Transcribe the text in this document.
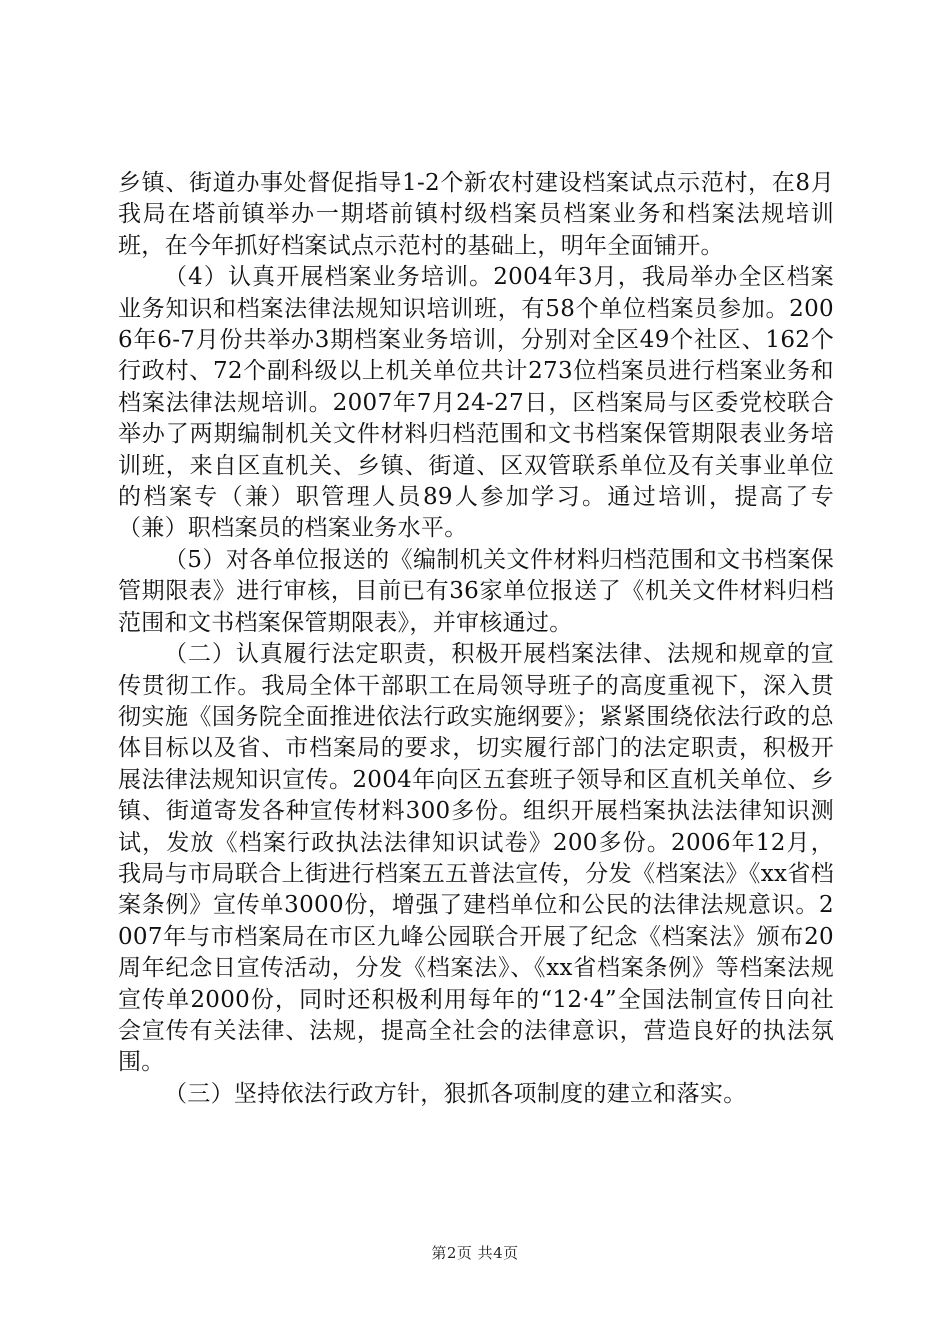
乡镇、街道办事处督促指导1-2个新农村建设档案试点示范村，在8月我局在塔前镇举办一期塔前镇村级档案员档案业务和档案法规培训班，在今年抓好档案试点示范村的基础上，明年全面铺开。

（4）认真开展档案业务培训。2004年3月，我局举办全区档案业务知识和档案法律法规知识培训班，有58个单位档案员参加。2006年6-7月份共举办3期档案业务培训，分别对全区49个社区、162个行政村、72个副科级以上机关单位共计273位档案员进行档案业务和档案法律法规培训。2007年7月24-27日，区档案局与区委党校联合举办了两期编制机关文件材料归档范围和文书档案保管期限表业务培训班，来自区直机关、乡镇、街道、区双管联系单位及有关事业单位的档案专（兼）职管理人员89人参加学习。通过培训，提高了专（兼）职档案员的档案业务水平。

（5）对各单位报送的《编制机关文件材料归档范围和文书档案保管期限表》进行审核，目前已有36家单位报送了《机关文件材料归档范围和文书档案保管期限表》，并审核通过。

（二）认真履行法定职责，积极开展档案法律、法规和规章的宣传贯彻工作。我局全体干部职工在局领导班子的高度重视下，深入贯彻实施《国务院全面推进依法行政实施纲要》；紧紧围绕依法行政的总体目标以及省、市档案局的要求，切实履行部门的法定职责，积极开展法律法规知识宣传。2004年向区五套班子领导和区直机关单位、乡镇、街道寄发各种宣传材料300多份。组织开展档案执法法律知识测试，发放《档案行政执法法律知识试卷》200多份。2006年12月，我局与市局联合上街进行档案五五普法宣传，分发《档案法》《xx省档案条例》宣传单3000份，增强了建档单位和公民的法律法规意识。2007年与市档案局在市区九峰公园联合开展了纪念《档案法》颁布20周年纪念日宣传活动，分发《档案法》、《xx省档案条例》等档案法规宣传单2000份，同时还积极利用每年的“12·4”全国法制宣传日向社会宣传有关法律、法规，提高全社会的法律意识，营造良好的执法氛围。

（三）坚持依法行政方针，狠抓各项制度的建立和落实。

第2页 共4页
